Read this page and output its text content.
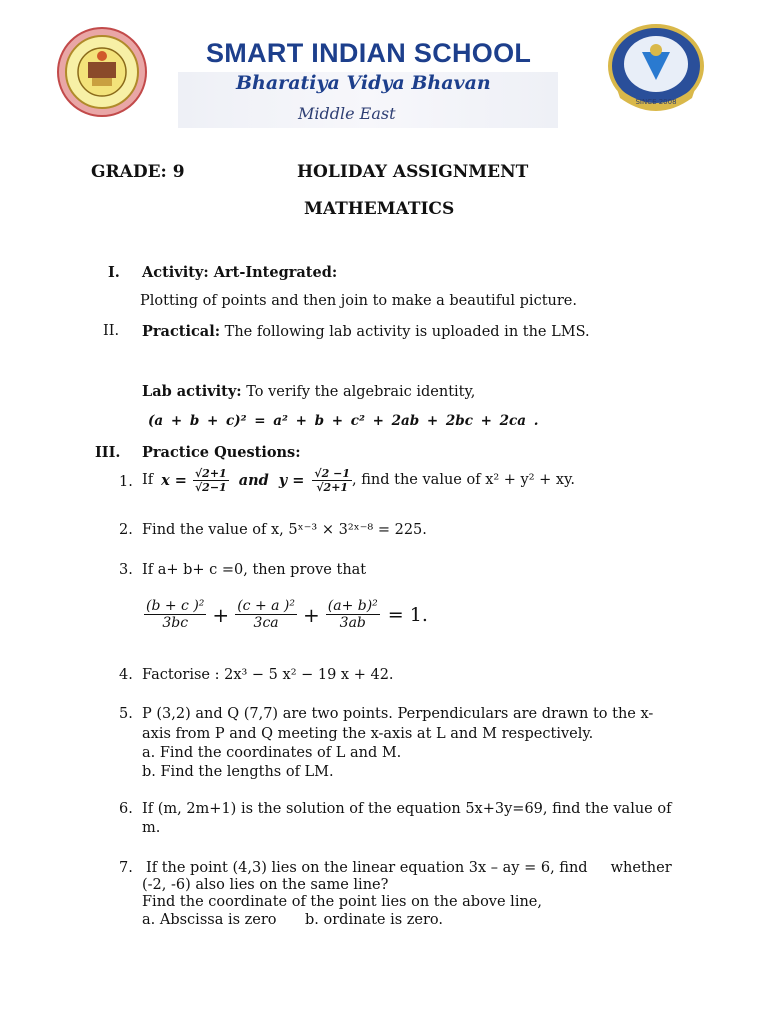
SMART INDIAN SCHOOL
Bharatiya Vidya Bhavan
Middle East
SINCE 2008
GRADE: 9	HOLIDAY ASSIGNMENT
MATHEMATICS
I. Activity: Art-Integrated:
Plotting of points and then join to make a beautiful picture.
II. Practical: The following lab activity is uploaded in the LMS.
Lab activity: To verify the algebraic identity,
(a + b + c)² = a² + b + c² + 2ab + 2bc + 2ca .
III. Practice Questions:
1. If $x = \frac{√2+1}{√2-1}$ and $y = \frac{√2 -1}{√2+1}$ , find the value of x² + y² + xy.
2. Find the value of x, 5ˣ⁻³ × 3²ˣ⁻⁸ = 225.
3. If a+ b+ c =0, then prove that
$\frac{\text{(b + c )²}}{3bc} + \frac{\text{(c + a )²}}{3ca} + \frac{\text{(a+ b)²}}{3ab} = 1$.
4. Factorise : 2x³ − 5 x² − 19 x + 42.
5. P (3,2) and Q (7,7) are two points. Perpendiculars are drawn to the x-
axis from P and Q meeting the x-axis at L and M respectively.
a. Find the coordinates of L and M.
b. Find the lengths of LM.
6. If (m, 2m+1) is the solution of the equation 5x+3y=69, find the value of
m.
7. If the point (4,3) lies on the linear equation 3x – ay = 6, find     whether
(-2, -6) also lies on the same line?
Find the coordinate of the point lies on the above line,
a. Abscissa is zero b. ordinate is zero.
